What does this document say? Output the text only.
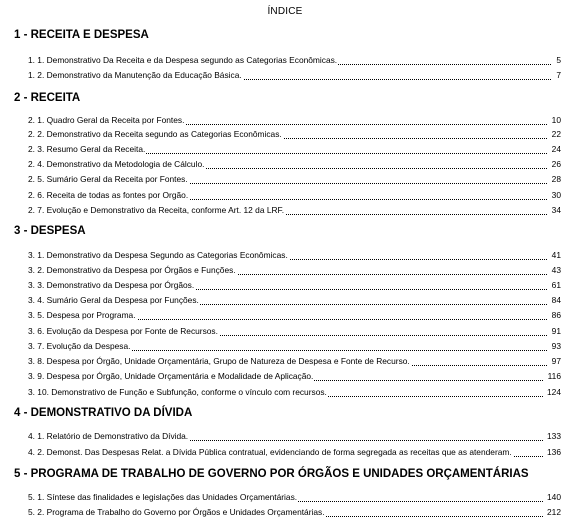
ÍNDICE
1 - RECEITA E DESPESA
1. 1. Demonstrativo Da Receita e da Despesa segundo as Categorias Econômicas.	5
1. 2. Demonstrativo da Manutenção da Educação Básica.	7
2 - RECEITA
2. 1. Quadro Geral da Receita por Fontes.	10
2. 2. Demonstrativo da Receita segundo as Categorias Econômicas.	22
2. 3. Resumo Geral da Receita.	24
2. 4. Demonstrativo da Metodologia de Cálculo.	26
2. 5. Sumário Geral da Receita por Fontes.	28
2. 6. Receita de todas as fontes por Orgão.	30
2. 7. Evolução e Demonstrativo da Receita, conforme Art. 12 da LRF.	34
3 - DESPESA
3. 1. Demonstrativo da Despesa Segundo as Categorias Econômicas.	41
3. 2. Demonstrativo da Despesa por Órgãos e Funções.	43
3. 3. Demonstrativo da Despesa por Órgãos.	61
3. 4. Sumário Geral da Despesa por Funções.	84
3. 5. Despesa por Programa.	86
3. 6. Evolução da Despesa por Fonte de Recursos.	91
3. 7. Evolução da Despesa.	93
3. 8. Despesa por Órgão, Unidade Orçamentária, Grupo de Natureza de Despesa e Fonte de Recurso.	97
3. 9. Despesa por Órgão, Unidade Orçamentária e Modalidade de Aplicação.	116
3. 10. Demonstrativo de Função e Subfunção, conforme o vínculo com recursos.	124
4 - DEMONSTRATIVO DA DÍVIDA
4. 1. Relatório de Demonstrativo da Dívida.	133
4. 2. Demonst. Das Despesas Relat. a Dívida Pública contratual, evidenciando de forma segregada as receitas que as atenderam.	136
5 - PROGRAMA DE TRABALHO DE GOVERNO POR ÓRGÃOS E UNIDADES ORÇAMENTÁRIAS
5. 1. Síntese das finalidades e legislações das Unidades Orçamentárias.	140
5. 2. Programa de Trabalho do Governo por Órgãos e Unidades Orçamentárias.	212
